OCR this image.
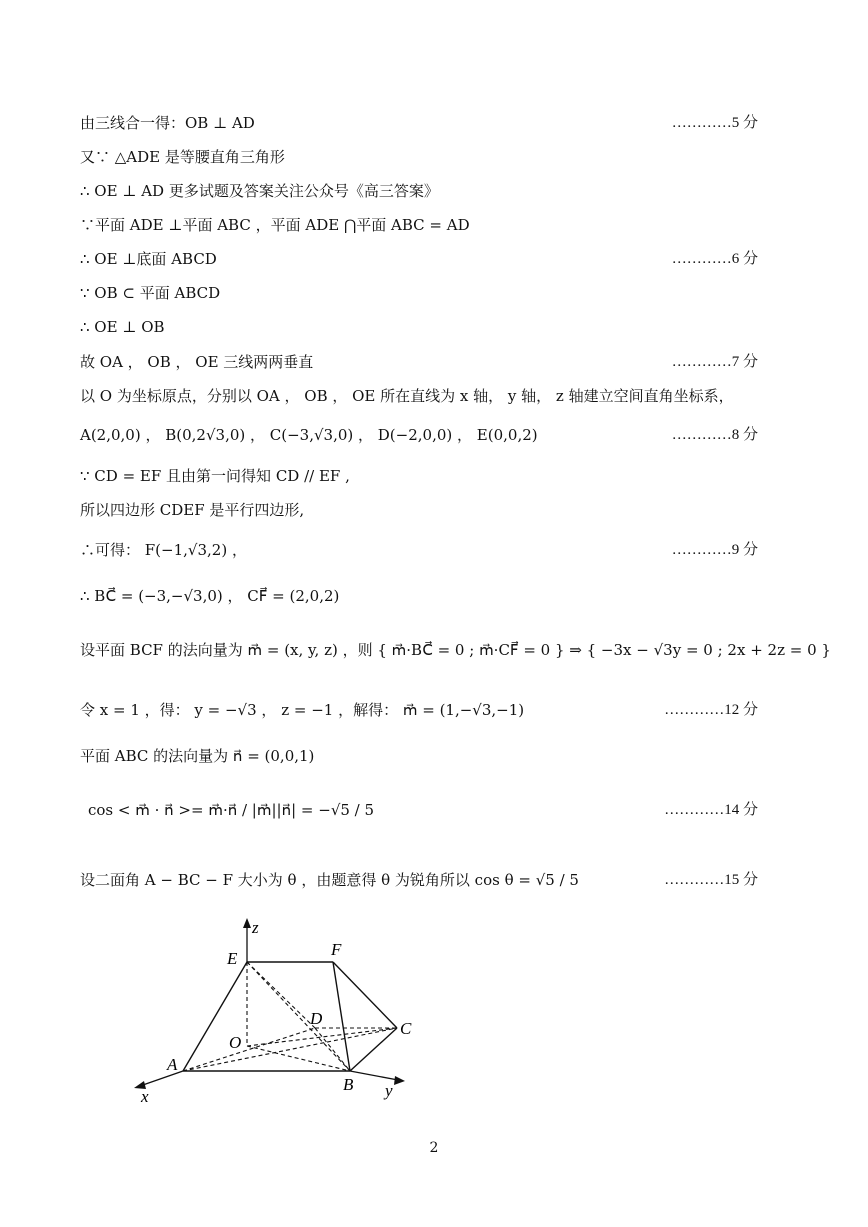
由三线合一得：OB ⊥ AD	…………5 分
又∵ △ADE 是等腰直角三角形
∴ OE ⊥ AD 更多试题及答案关注公众号《高三答案》
∵平面 ADE ⊥平面 ABC ，平面 ADE ⋂平面 ABC = AD
∴ OE ⊥底面 ABCD	…………6 分
∵ OB ⊂ 平面 ABCD
∴ OE ⊥ OB
故 OA ， OB ， OE 三线两两垂直	…………7 分
以 O 为坐标原点，分别以 OA ， OB ， OE 所在直线为 x 轴， y 轴， z 轴建立空间直角坐标系，
A(2,0,0) ， B(0,2√3,0) ， C(−3,√3,0) ， D(−2,0,0) ， E(0,0,2)	…………8 分
∵ CD = EF 且由第一问得知 CD // EF ,
所以四边形 CDEF 是平行四边形,
∴可得： F(−1,√3,2) ，	…………9 分
∴ BC⃗ = (−3,−√3,0) ， CF⃗ = (2,0,2)
设平面 BCF 的法向量为 m⃗ = (x, y, z) ，则 { m⃗·BC⃗ = 0 ; m⃗·CF⃗ = 0 } ⇒ { −3x − √3y = 0 ; 2x + 2z = 0 }
令 x = 1 ，得： y = −√3 ， z = −1 ，解得： m⃗ = (1,−√3,−1)	…………12 分
平面 ABC 的法向量为 n⃗ = (0,0,1)
cos < m⃗ · n⃗ >= m⃗·n⃗ / |m⃗||n⃗| = −√5 / 5	…………14 分
设二面角 A − BC − F 大小为 θ ，由题意得 θ 为锐角所以 cos θ = √5 / 5	…………15 分
z
E	F
D
C
O
A
B
x	y
2
